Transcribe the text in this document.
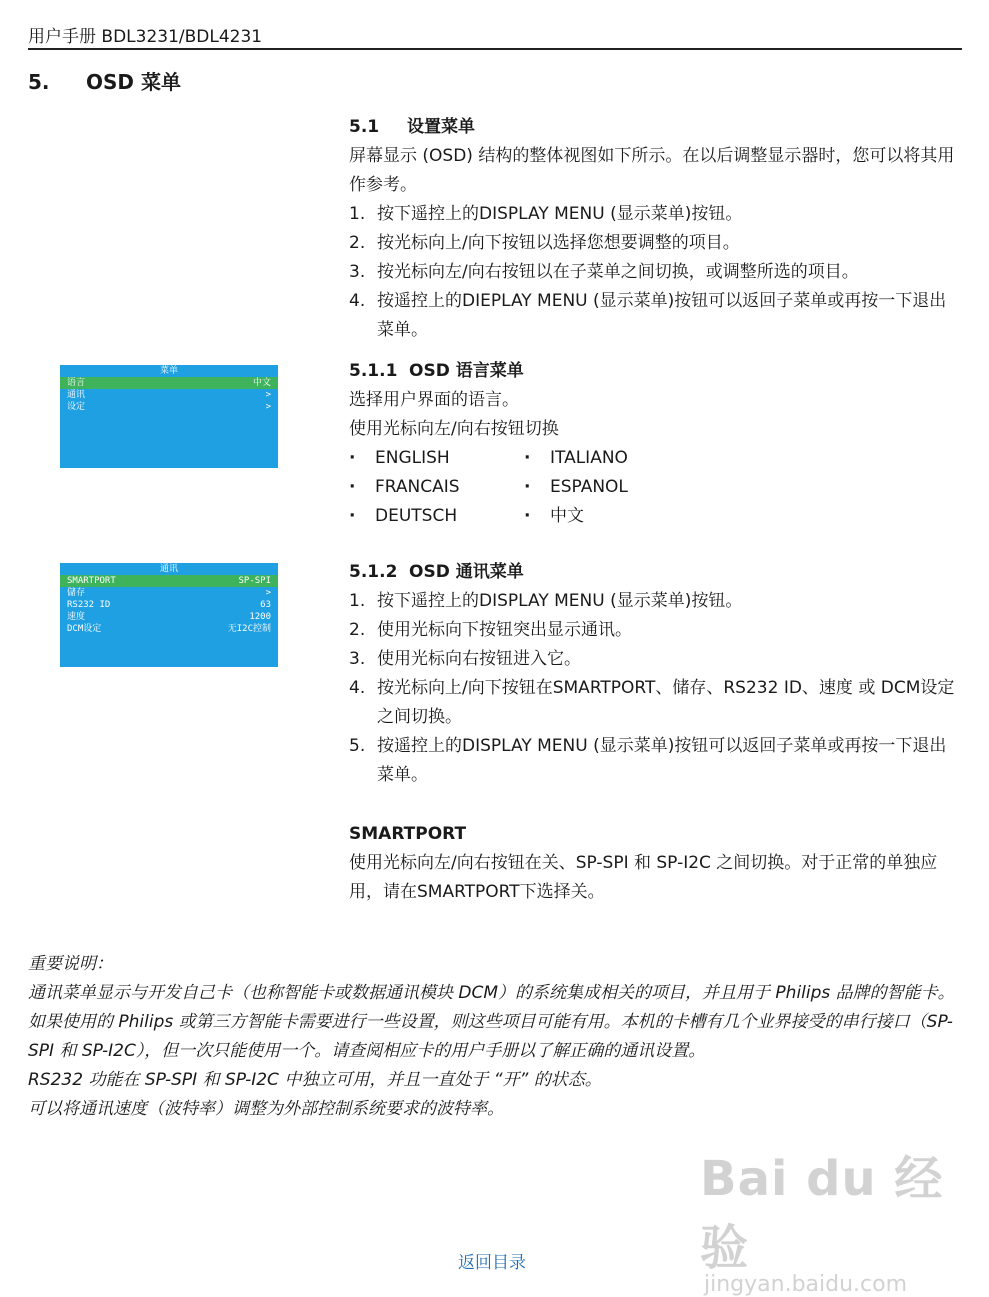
用户手册 BDL3231/BDL4231
5. OSD 菜单

5.1 设置菜单

屏幕显示 (OSD) 结构的整体视图如下所示。在以后调整显示器时，您可以将其用作参考。

1. 按下遥控上的DISPLAY MENU (显示菜单)按钮。
2. 按光标向上/向下按钮以选择您想要调整的项目。
3. 按光标向左/向右按钮以在子菜单之间切换，或调整所选的项目。
4. 按遥控上的DIEPLAY MENU (显示菜单)按钮可以返回子菜单或再按一下退出菜单。
菜单
语言	中文
通讯	>
设定	>

5.1.1 OSD 语言菜单

选择用户界面的语言。

使用光标向左/向右按钮切换

· ENGLISH	· ITALIANO
· FRANCAIS	· ESPANOL
· DEUTSCH	· 中文
通讯
SMARTPORT	SP-SPI
儲存	>
RS232 ID	63
速度	1200
DCM设定	无I2C控制

5.1.2 OSD 通讯菜单

1. 按下遥控上的DISPLAY MENU (显示菜单)按钮。
2. 使用光标向下按钮突出显示通讯。
3. 使用光标向右按钮进入它。
4. 按光标向上/向下按钮在SMARTPORT、储存、RS232 ID、速度 或 DCM设定 之间切换。
5. 按遥控上的DISPLAY MENU (显示菜单)按钮可以返回子菜单或再按一下退出菜单。

SMARTPORT

使用光标向左/向右按钮在关、SP-SPI 和 SP-I2C 之间切换。对于正常的单独应用，请在SMARTPORT下选择关。

重要说明：

通讯菜单显示与开发自己卡（也称智能卡或数据通讯模块 DCM）的系统集成相关的项目，并且用于 Philips 品牌的智能卡。如果使用的 Philips 或第三方智能卡需要进行一些设置，则这些项目可能有用。本机的卡槽有几个业界接受的串行接口（SP-SPI 和 SP-I2C），但一次只能使用一个。请查阅相应卡的用户手册以了解正确的通讯设置。

RS232 功能在 SP-SPI 和 SP-I2C 中独立可用，并且一直处于 “开” 的状态。

可以将通讯速度（波特率）调整为外部控制系统要求的波特率。

Bai du 经验
jingyan.baidu.com
返回目录
